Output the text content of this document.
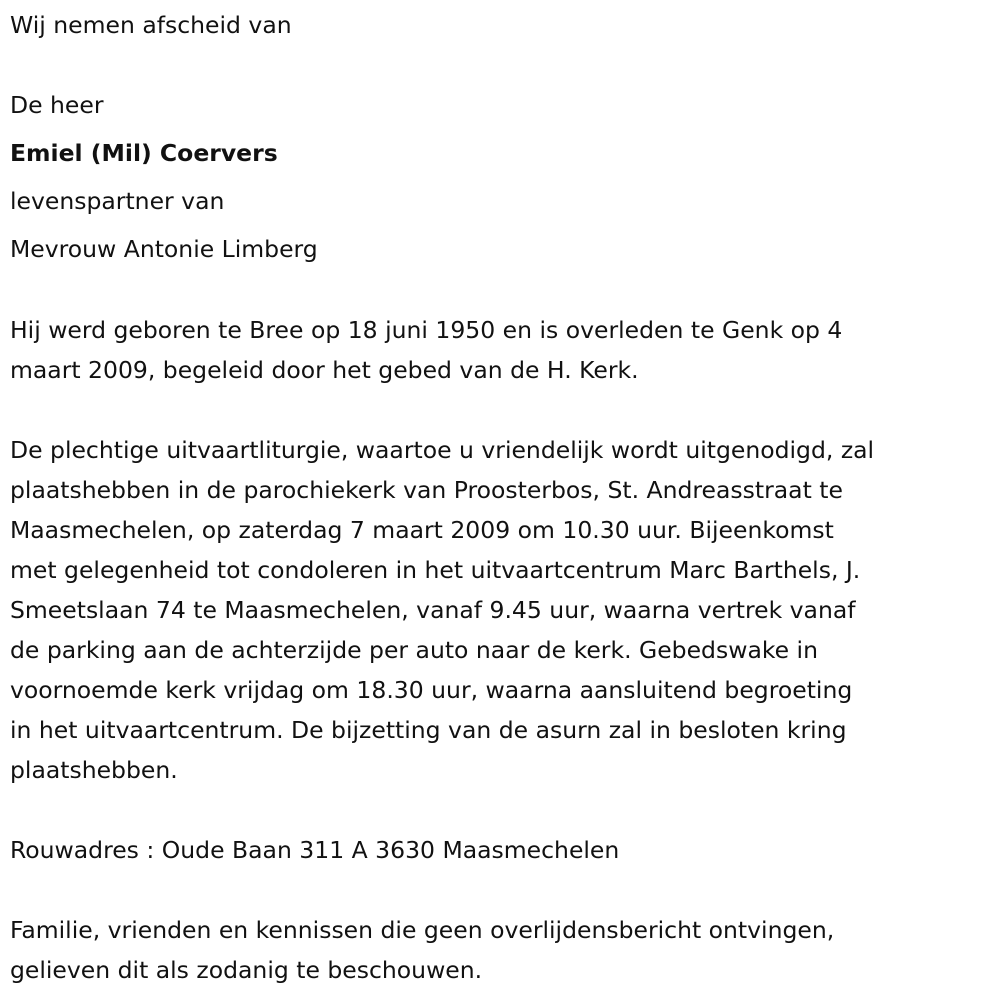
Wij nemen afscheid van
De heer
Emiel (Mil) Coervers
levenspartner van
Mevrouw Antonie Limberg
Hij werd geboren te Bree op 18 juni 1950 en is overleden te Genk op 4
maart 2009, begeleid door het gebed van de H. Kerk.
De plechtige uitvaartliturgie, waartoe u vriendelijk wordt uitgenodigd, zal
plaatshebben in de parochiekerk van Proosterbos, St. Andreasstraat te
Maasmechelen, op zaterdag 7 maart 2009 om 10.30 uur. Bijeenkomst
met gelegenheid tot condoleren in het uitvaartcentrum Marc Barthels, J.
Smeetslaan 74 te Maasmechelen, vanaf 9.45 uur, waarna vertrek vanaf
de parking aan de achterzijde per auto naar de kerk. Gebedswake in
voornoemde kerk vrijdag om 18.30 uur, waarna aansluitend begroeting
in het uitvaartcentrum. De bijzetting van de asurn zal in besloten kring
plaatshebben.
Rouwadres : Oude Baan 311 A 3630 Maasmechelen
Familie, vrienden en kennissen die geen overlijdensbericht ontvingen,
gelieven dit als zodanig te beschouwen.
